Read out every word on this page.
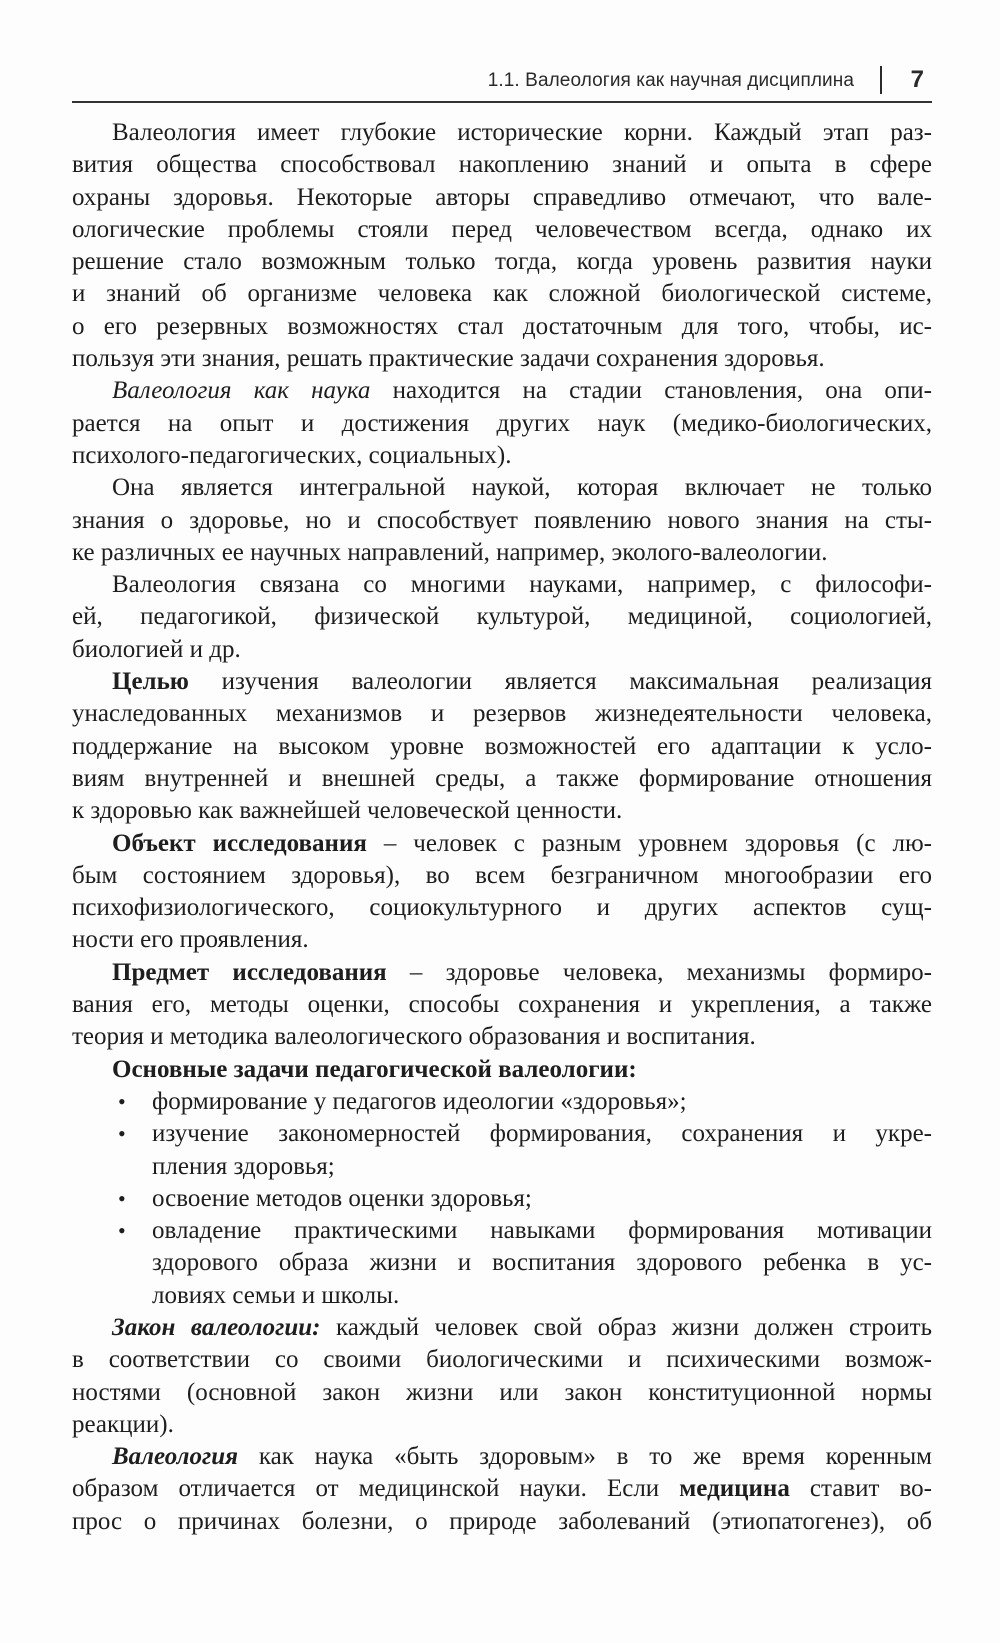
1.1. Валеология как научная дисциплина 7
Валеология имеет глубокие исторические корни. Каждый этап раз-
вития общества способствовал накоплению знаний и опыта в сфере
охраны здоровья. Некоторые авторы справедливо отмечают, что вале-
ологические проблемы стояли перед человечеством всегда, однако их
решение стало возможным только тогда, когда уровень развития науки
и знаний об организме человека как сложной биологической системе,
о его резервных возможностях стал достаточным для того, чтобы, ис-
пользуя эти знания, решать практические задачи сохранения здоровья.
Валеология как наука находится на стадии становления, она опи-
рается на опыт и достижения других наук (медико-биологических,
психолого-педагогических, социальных).
Она является интегральной наукой, которая включает не только
знания о здоровье, но и способствует появлению нового знания на сты-
ке различных ее научных направлений, например, эколого-валеологии.
Валеология связана со многими науками, например, с философи-
ей, педагогикой, физической культурой, медициной, социологией,
биологией и др.
Целью изучения валеологии является максимальная реализация
унаследованных механизмов и резервов жизнедеятельности человека,
поддержание на высоком уровне возможностей его адаптации к усло-
виям внутренней и внешней среды, а также формирование отношения
к здоровью как важнейшей человеческой ценности.
Объект исследования – человек с разным уровнем здоровья (с лю-
бым состоянием здоровья), во всем безграничном многообразии его
психофизиологического, социокультурного и других аспектов сущ-
ности его проявления.
Предмет исследования – здоровье человека, механизмы формиро-
вания его, методы оценки, способы сохранения и укрепления, а также
теория и методика валеологического образования и воспитания.
Основные задачи педагогической валеологии:
• формирование у педагогов идеологии «здоровья»;
• изучение закономерностей формирования, сохранения и укре-
пления здоровья;
• освоение методов оценки здоровья;
• овладение практическими навыками формирования мотивации
здорового образа жизни и воспитания здорового ребенка в ус-
ловиях семьи и школы.
Закон валеологии: каждый человек свой образ жизни должен строить
в соответствии со своими биологическими и психическими возмож-
ностями (основной закон жизни или закон конституционной нормы
реакции).
Валеология как наука «быть здоровым» в то же время коренным
образом отличается от медицинской науки. Если медицина ставит во-
прос о причинах болезни, о природе заболеваний (этиопатогенез), об
